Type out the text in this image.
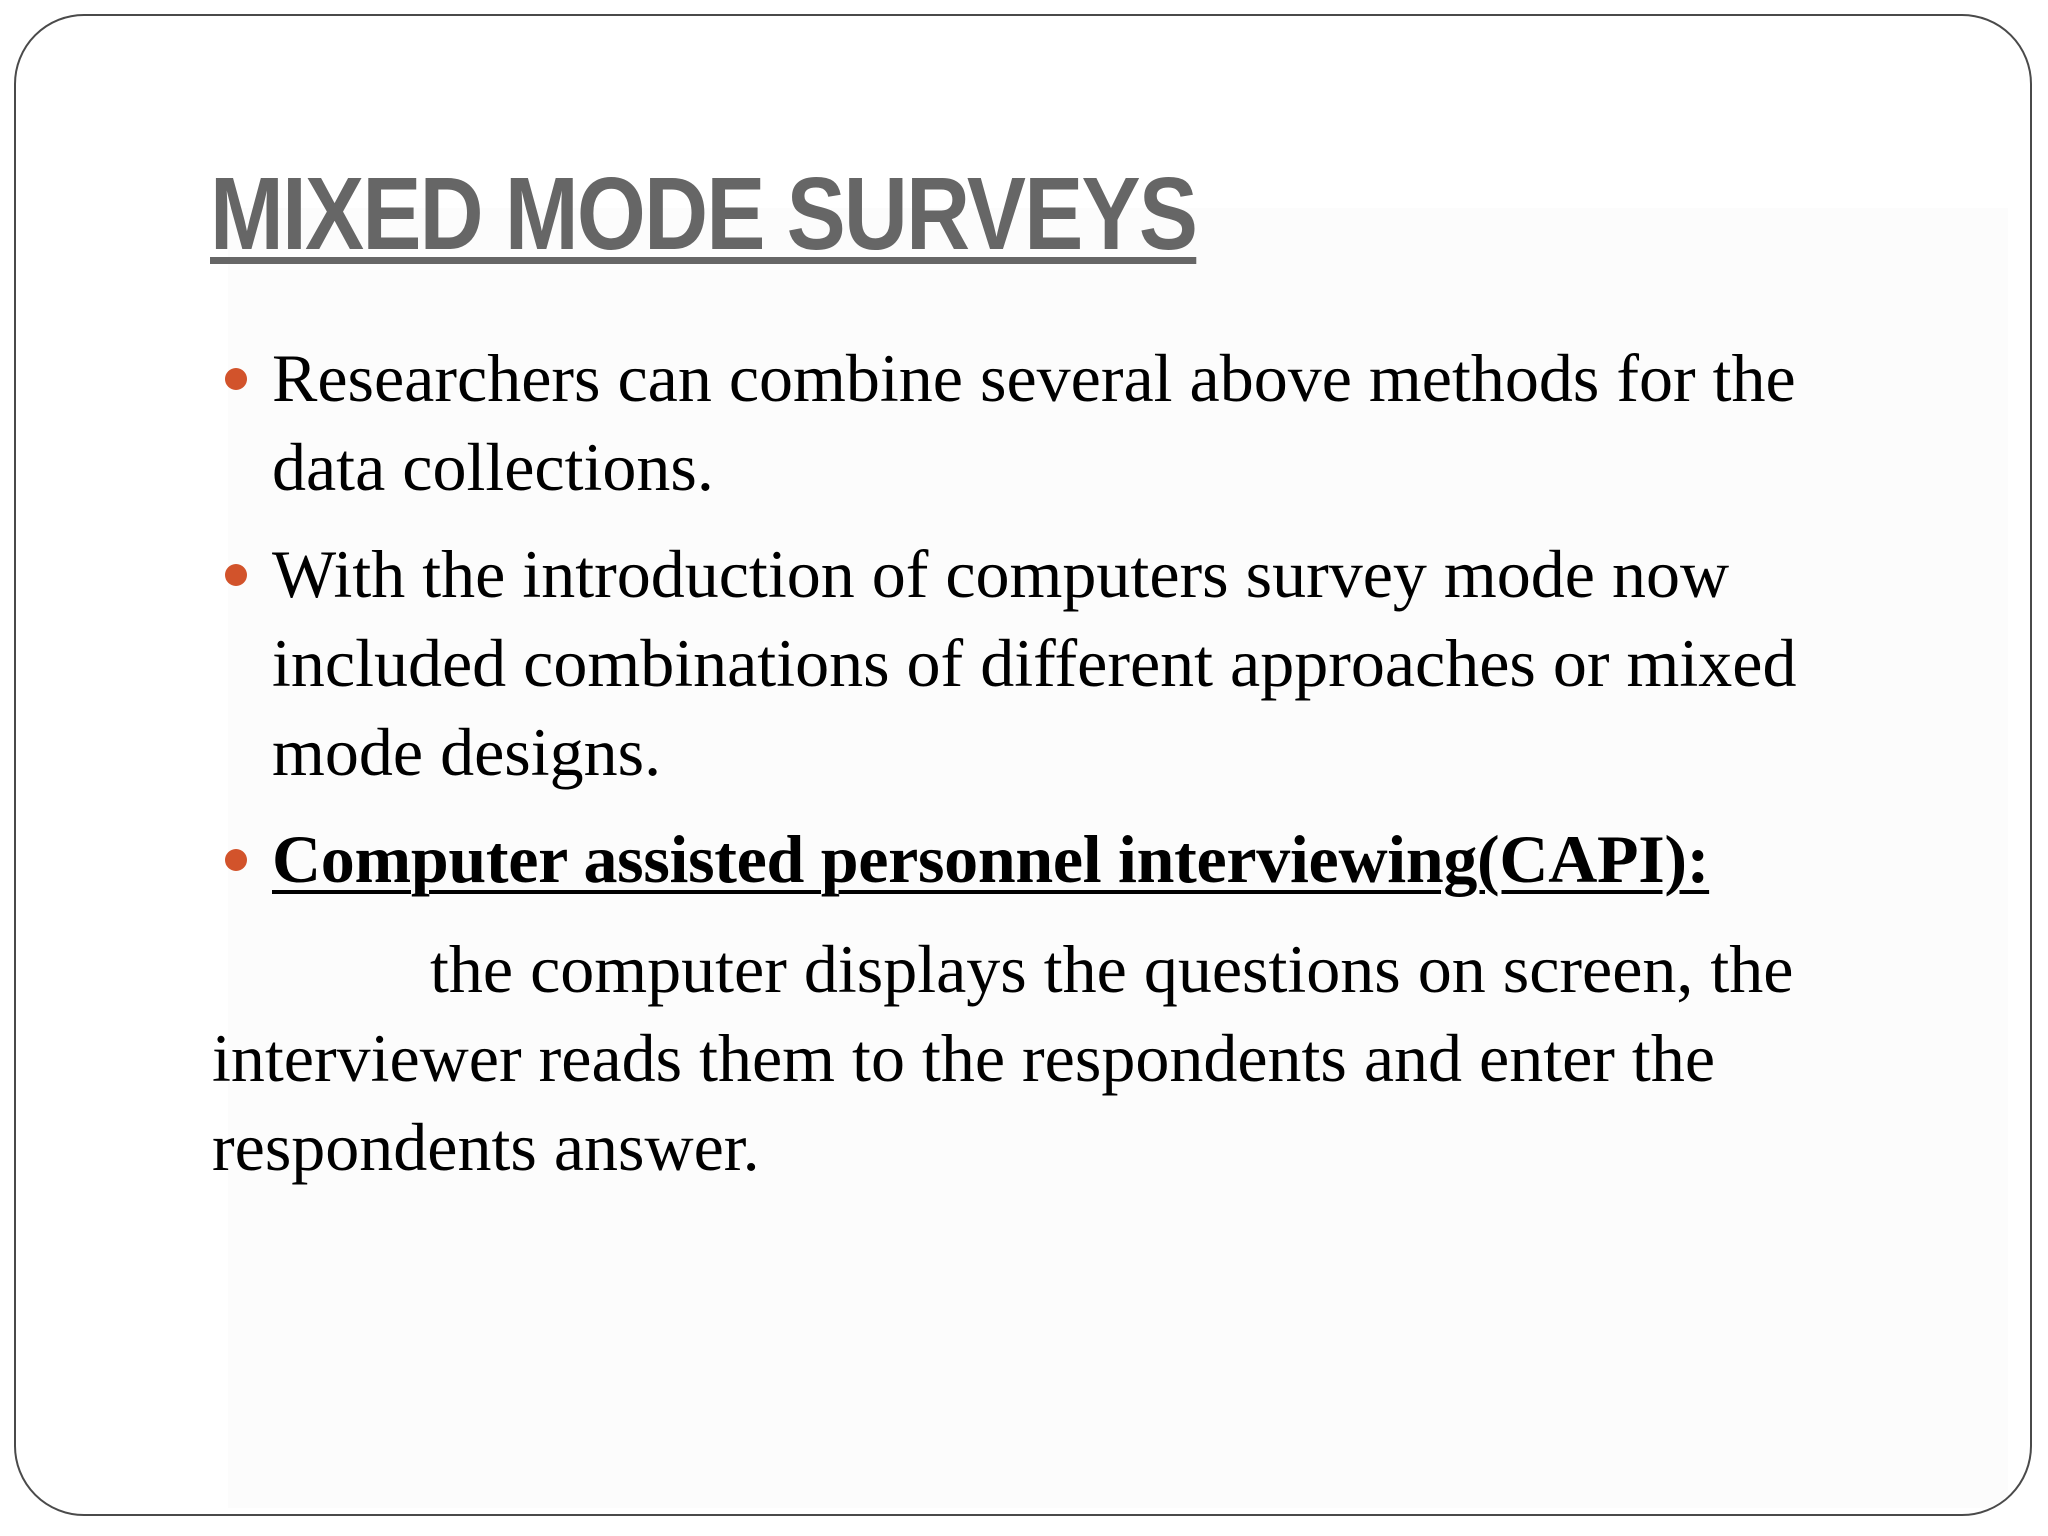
MIXED MODE SURVEYS
Researchers can combine several above methods for the data collections.
With the introduction of computers survey mode now included combinations of different approaches or mixed mode designs.
Computer assisted personnel interviewing(CAPI):

the computer displays the questions on screen, the interviewer reads them to the respondents and enter the respondents answer.
